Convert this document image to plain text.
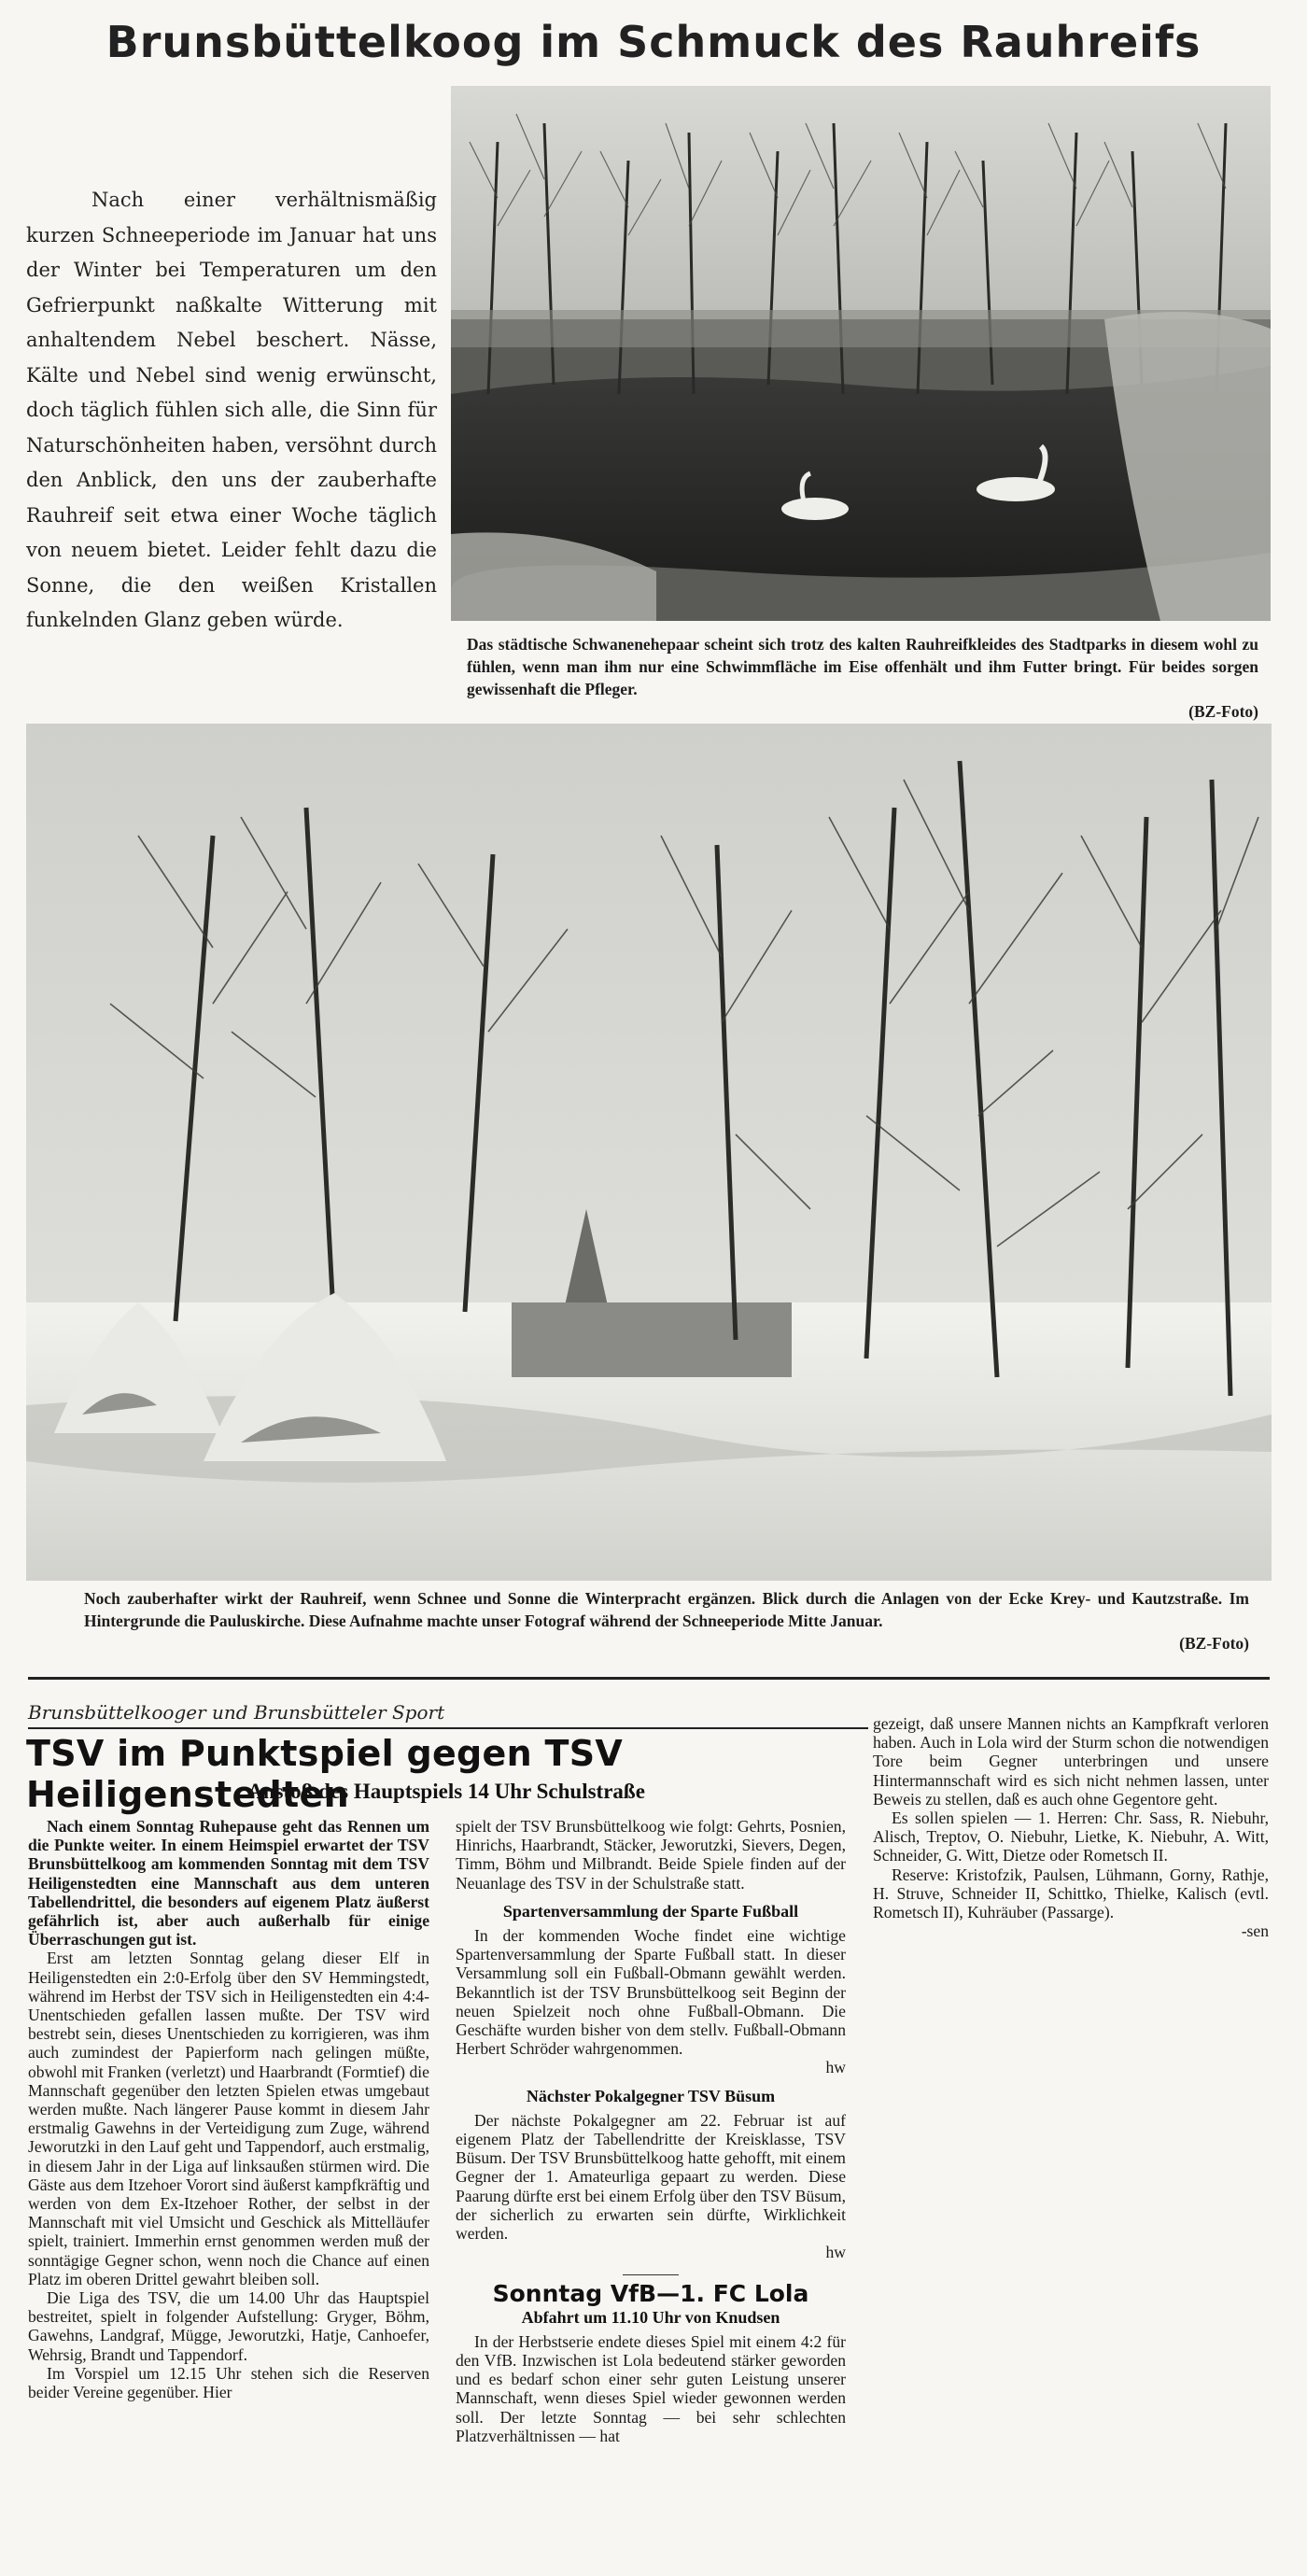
Brunsbüttelkoog im Schmuck des Rauhreifs
Nach einer verhältnismäßig kurzen Schneeperiode im Januar hat uns der Winter bei Temperaturen um den Gefrierpunkt naßkalte Witterung mit anhaltendem Nebel beschert. Nässe, Kälte und Nebel sind wenig erwünscht, doch täglich fühlen sich alle, die Sinn für Naturschönheiten haben, versöhnt durch den Anblick, den uns der zauberhafte Rauhreif seit etwa einer Woche täglich von neuem bietet. Leider fehlt dazu die Sonne, die den weißen Kristallen funkelnden Glanz geben würde.
Das städtische Schwanenehepaar scheint sich trotz des kalten Rauhreifkleides des Stadtparks in diesem wohl zu fühlen, wenn man ihm nur eine Schwimmfläche im Eise offenhält und ihm Futter bringt. Für beides sorgen gewissenhaft die Pfleger.
(BZ-Foto)
Noch zauberhafter wirkt der Rauhreif, wenn Schnee und Sonne die Winterpracht ergänzen. Blick durch die Anlagen von der Ecke Krey- und Kautzstraße. Im Hintergrunde die Pauluskirche. Diese Aufnahme machte unser Fotograf während der Schneeperiode Mitte Januar.
(BZ-Foto)
Brunsbüttelkooger und Brunsbütteler Sport
TSV im Punktspiel gegen TSV Heiligenstedten
Anstoß des Hauptspiels 14 Uhr Schulstraße

Nach einem Sonntag Ruhepause geht das Rennen um die Punkte weiter. In einem Heimspiel erwartet der TSV Brunsbüttelkoog am kommenden Sonntag mit dem TSV Heiligenstedten eine Mannschaft aus dem unteren Tabellendrittel, die besonders auf eigenem Platz äußerst gefährlich ist, aber auch außerhalb für einige Überraschungen gut ist.

Erst am letzten Sonntag gelang dieser Elf in Heiligenstedten ein 2:0-Erfolg über den SV Hemmingstedt, während im Herbst der TSV sich in Heiligenstedten ein 4:4-Unentschieden gefallen lassen mußte. Der TSV wird bestrebt sein, dieses Unentschieden zu korrigieren, was ihm auch zumindest der Papierform nach gelingen müßte, obwohl mit Franken (verletzt) und Haarbrandt (Formtief) die Mannschaft gegenüber den letzten Spielen etwas umgebaut werden mußte. Nach längerer Pause kommt in diesem Jahr erstmalig Gawehns in der Verteidigung zum Zuge, während Jeworutzki in den Lauf geht und Tappendorf, auch erstmalig, in diesem Jahr in der Liga auf linksaußen stürmen wird. Die Gäste aus dem Itzehoer Vorort sind äußerst kampfkräftig und werden von dem Ex-Itzehoer Rother, der selbst in der Mannschaft mit viel Umsicht und Geschick als Mittelläufer spielt, trainiert. Immerhin ernst genommen werden muß der sonntägige Gegner schon, wenn noch die Chance auf einen Platz im oberen Drittel gewahrt bleiben soll.

Die Liga des TSV, die um 14.00 Uhr das Hauptspiel bestreitet, spielt in folgender Aufstellung: Gryger, Böhm, Gawehns, Landgraf, Mügge, Jeworutzki, Hatje, Canhoefer, Wehrsig, Brandt und Tappendorf.

Im Vorspiel um 12.15 Uhr stehen sich die Reserven beider Vereine gegenüber. Hier

spielt der TSV Brunsbüttelkoog wie folgt: Gehrts, Posnien, Hinrichs, Haarbrandt, Stäcker, Jeworutzki, Sievers, Degen, Timm, Böhm und Milbrandt. Beide Spiele finden auf der Neuanlage des TSV in der Schulstraße statt.

Spartenversammlung der Sparte Fußball

In der kommenden Woche findet eine wichtige Spartenversammlung der Sparte Fußball statt. In dieser Versammlung soll ein Fußball-Obmann gewählt werden. Bekanntlich ist der TSV Brunsbüttelkoog seit Beginn der neuen Spielzeit noch ohne Fußball-Obmann. Die Geschäfte wurden bisher von dem stellv. Fußball-Obmann Herbert Schröder wahrgenommen.

hw
Nächster Pokalgegner TSV Büsum

Der nächste Pokalgegner am 22. Februar ist auf eigenem Platz der Tabellendritte der Kreisklasse, TSV Büsum. Der TSV Brunsbüttelkoog hatte gehofft, mit einem Gegner der 1. Amateurliga gepaart zu werden. Diese Paarung dürfte erst bei einem Erfolg über den TSV Büsum, der sicherlich zu erwarten sein dürfte, Wirklichkeit werden.

hw
Sonntag VfB—1. FC Lola
Abfahrt um 11.10 Uhr von Knudsen

In der Herbstserie endete dieses Spiel mit einem 4:2 für den VfB. Inzwischen ist Lola bedeutend stärker geworden und es bedarf schon einer sehr guten Leistung unserer Mannschaft, wenn dieses Spiel wieder gewonnen werden soll. Der letzte Sonntag — bei sehr schlechten Platzverhältnissen — hat

gezeigt, daß unsere Mannen nichts an Kampfkraft verloren haben. Auch in Lola wird der Sturm schon die notwendigen Tore beim Gegner unterbringen und unsere Hintermannschaft wird es sich nicht nehmen lassen, unter Beweis zu stellen, daß es auch ohne Gegentore geht.

Es sollen spielen — 1. Herren: Chr. Sass, R. Niebuhr, Alisch, Treptov, O. Niebuhr, Lietke, K. Niebuhr, A. Witt, Schneider, G. Witt, Dietze oder Rometsch II.

Reserve: Kristofzik, Paulsen, Lühmann, Gorny, Rathje, H. Struve, Schneider II, Schittko, Thielke, Kalisch (evtl. Rometsch II), Kuhräuber (Passarge).

-sen
